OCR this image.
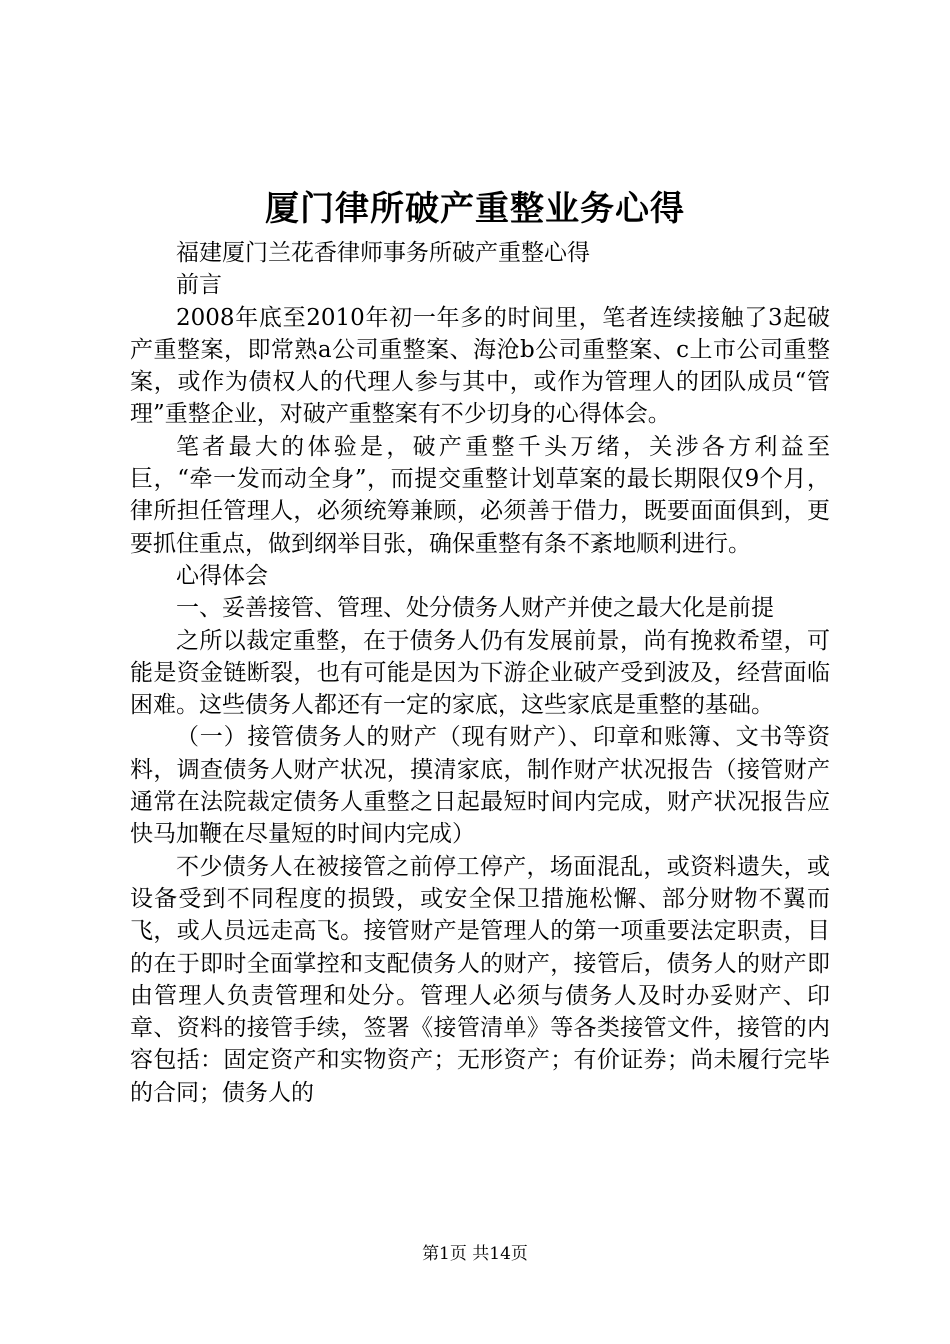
厦门律所破产重整业务心得

福建厦门兰花香律师事务所破产重整心得

前言

2008年底至2010年初一年多的时间里，笔者连续接触了3起破产重整案，即常熟a公司重整案、海沧b公司重整案、c上市公司重整案，或作为债权人的代理人参与其中，或作为管理人的团队成员“管理”重整企业，对破产重整案有不少切身的心得体会。

笔者最大的体验是，破产重整千头万绪，关涉各方利益至巨，“牵一发而动全身”，而提交重整计划草案的最长期限仅9个月，律所担任管理人，必须统筹兼顾，必须善于借力，既要面面俱到，更要抓住重点，做到纲举目张，确保重整有条不紊地顺利进行。

心得体会

一、妥善接管、管理、处分债务人财产并使之最大化是前提

之所以裁定重整，在于债务人仍有发展前景，尚有挽救希望，可能是资金链断裂，也有可能是因为下游企业破产受到波及，经营面临困难。这些债务人都还有一定的家底，这些家底是重整的基础。

（一）接管债务人的财产（现有财产）、印章和账簿、文书等资料，调查债务人财产状况，摸清家底，制作财产状况报告（接管财产通常在法院裁定债务人重整之日起最短时间内完成，财产状况报告应快马加鞭在尽量短的时间内完成）

不少债务人在被接管之前停工停产，场面混乱，或资料遗失，或设备受到不同程度的损毁，或安全保卫措施松懈、部分财物不翼而飞，或人员远走高飞。接管财产是管理人的第一项重要法定职责，目的在于即时全面掌控和支配债务人的财产，接管后，债务人的财产即由管理人负责管理和处分。管理人必须与债务人及时办妥财产、印章、资料的接管手续，签署《接管清单》等各类接管文件，接管的内容包括：固定资产和实物资产；无形资产；有价证券；尚未履行完毕的合同；债务人的

第1页 共14页
